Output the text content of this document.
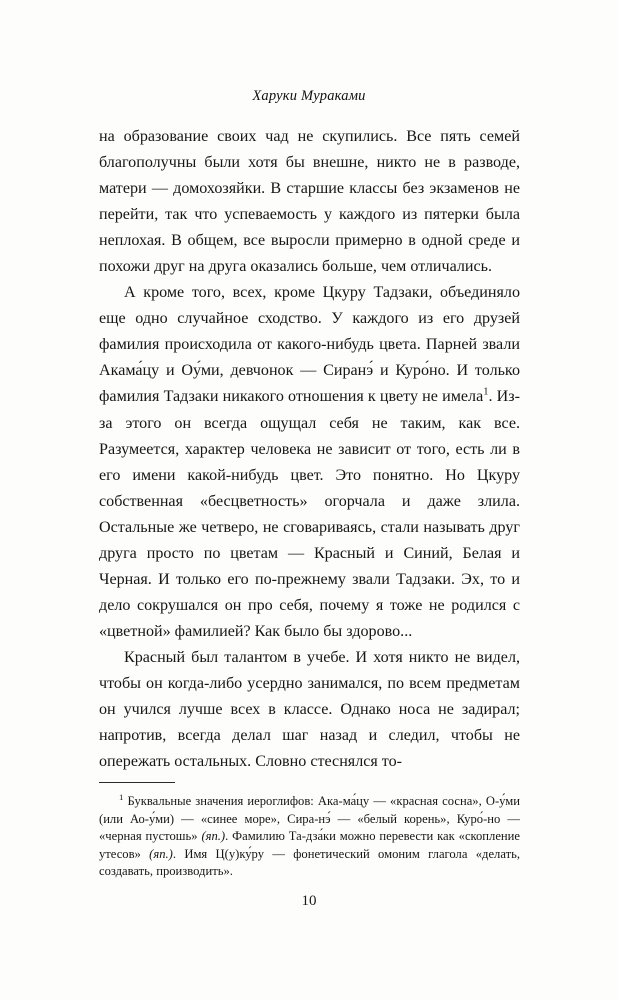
Харуки Мураками

на образование своих чад не скупились. Все пять семей благополучны были хотя бы внешне, никто не в разводе, матери — домохозяйки. В старшие классы без экзаменов не перейти, так что успеваемость у каждого из пятерки была неплохая. В общем, все выросли примерно в одной среде и похожи друг на друга оказались больше, чем отличались.

А кроме того, всех, кроме Цкуру Тадзаки, объединяло еще одно случайное сходство. У каждого из его друзей фамилия происходила от какого-нибудь цвета. Парней звали Акама́цу и Оу́ми, девчонок — Сиранэ́ и Куро́но. И только фамилия Тадзаки никакого отношения к цвету не имела$^1$. Из-за этого он всегда ощущал себя не таким, как все. Разумеется, характер человека не зависит от того, есть ли в его имени какой-нибудь цвет. Это понятно. Но Цкуру собственная «бесцветность» огорчала и даже злила. Остальные же четверо, не сговариваясь, стали называть друг друга просто по цветам — Красный и Синий, Белая и Черная. И только его по-прежнему звали Тадзаки. Эх, то и дело сокрушался он про себя, почему я тоже не родился с «цветной» фамилией? Как было бы здорово...

Красный был талантом в учебе. И хотя никто не видел, чтобы он когда-либо усердно занимался, по всем предметам он учился лучше всех в классе. Однако носа не задирал; напротив, всегда делал шаг назад и следил, чтобы не опережать остальных. Словно стеснялся то-

$^1$ Буквальные значения иероглифов: Ака-ма́цу — «красная сосна», О-у́ми (или Ао-у́ми) — «синее море», Сира-нэ́ — «белый корень», Куро́-но — «черная пустошь» (яп.). Фамилию Та-дза́ки можно перевести как «скопление утесов» (яп.). Имя Ц(у)ку́ру — фонетический омоним глагола «делать, создавать, производить».

10
